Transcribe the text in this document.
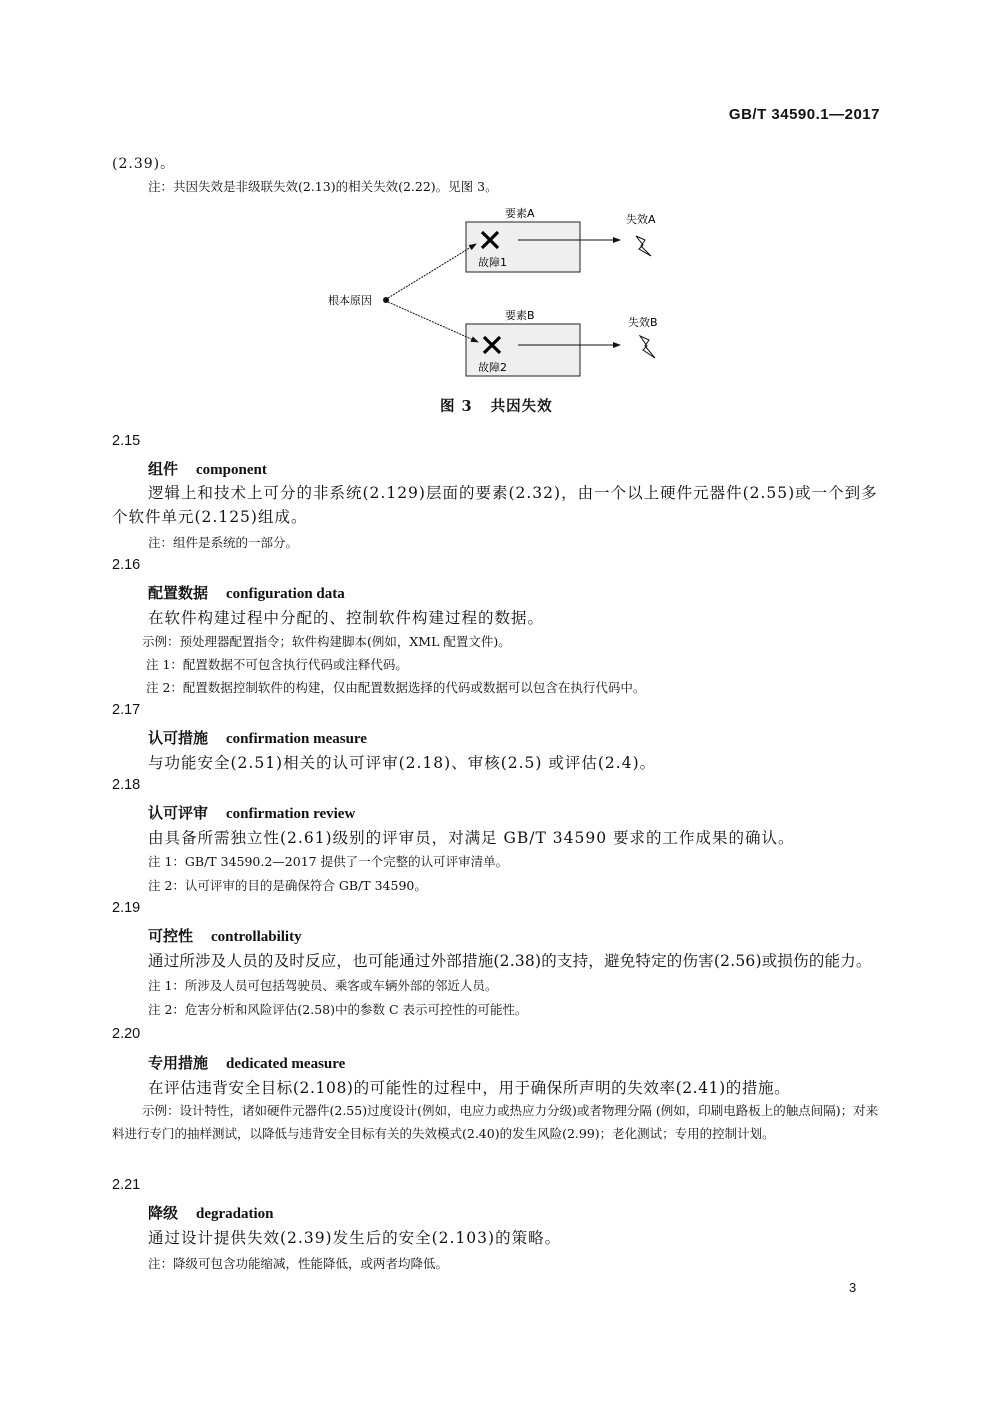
GB/T 34590.1—2017
(2.39)。
注：共因失效是非级联失效(2.13)的相关失效(2.22)。见图 3。
要素A
故障1
失效A
要素B
故障2
失效B
根本原因
图 3 共因失效
2.15
组件 component
逻辑上和技术上可分的非系统(2.129)层面的要素(2.32)，由一个以上硬件元器件(2.55)或一个到多个软件单元(2.125)组成。
注：组件是系统的一部分。
2.16
配置数据 configuration data
在软件构建过程中分配的、控制软件构建过程的数据。
示例：预处理器配置指令；软件构建脚本(例如，XML 配置文件)。
注 1：配置数据不可包含执行代码或注释代码。
注 2：配置数据控制软件的构建，仅由配置数据选择的代码或数据可以包含在执行代码中。
2.17
认可措施 confirmation measure
与功能安全(2.51)相关的认可评审(2.18)、审核(2.5) 或评估(2.4)。
2.18
认可评审 confirmation review
由具备所需独立性(2.61)级别的评审员，对满足 GB/T 34590 要求的工作成果的确认。
注 1：GB/T 34590.2—2017 提供了一个完整的认可评审清单。
注 2：认可评审的目的是确保符合 GB/T 34590。
2.19
可控性 controllability
通过所涉及人员的及时反应，也可能通过外部措施(2.38)的支持，避免特定的伤害(2.56)或损伤的能力。
注 1：所涉及人员可包括驾驶员、乘客或车辆外部的邻近人员。
注 2：危害分析和风险评估(2.58)中的参数 C 表示可控性的可能性。
2.20
专用措施 dedicated measure
在评估违背安全目标(2.108)的可能性的过程中，用于确保所声明的失效率(2.41)的措施。
示例：设计特性，诸如硬件元器件(2.55)过度设计(例如，电应力或热应力分级)或者物理分隔 (例如，印刷电路板上的触点间隔)；对来料进行专门的抽样测试，以降低与违背安全目标有关的失效模式(2.40)的发生风险(2.99)；老化测试；专用的控制计划。
2.21
降级 degradation
通过设计提供失效(2.39)发生后的安全(2.103)的策略。
注：降级可包含功能缩减，性能降低，或两者均降低。
3
